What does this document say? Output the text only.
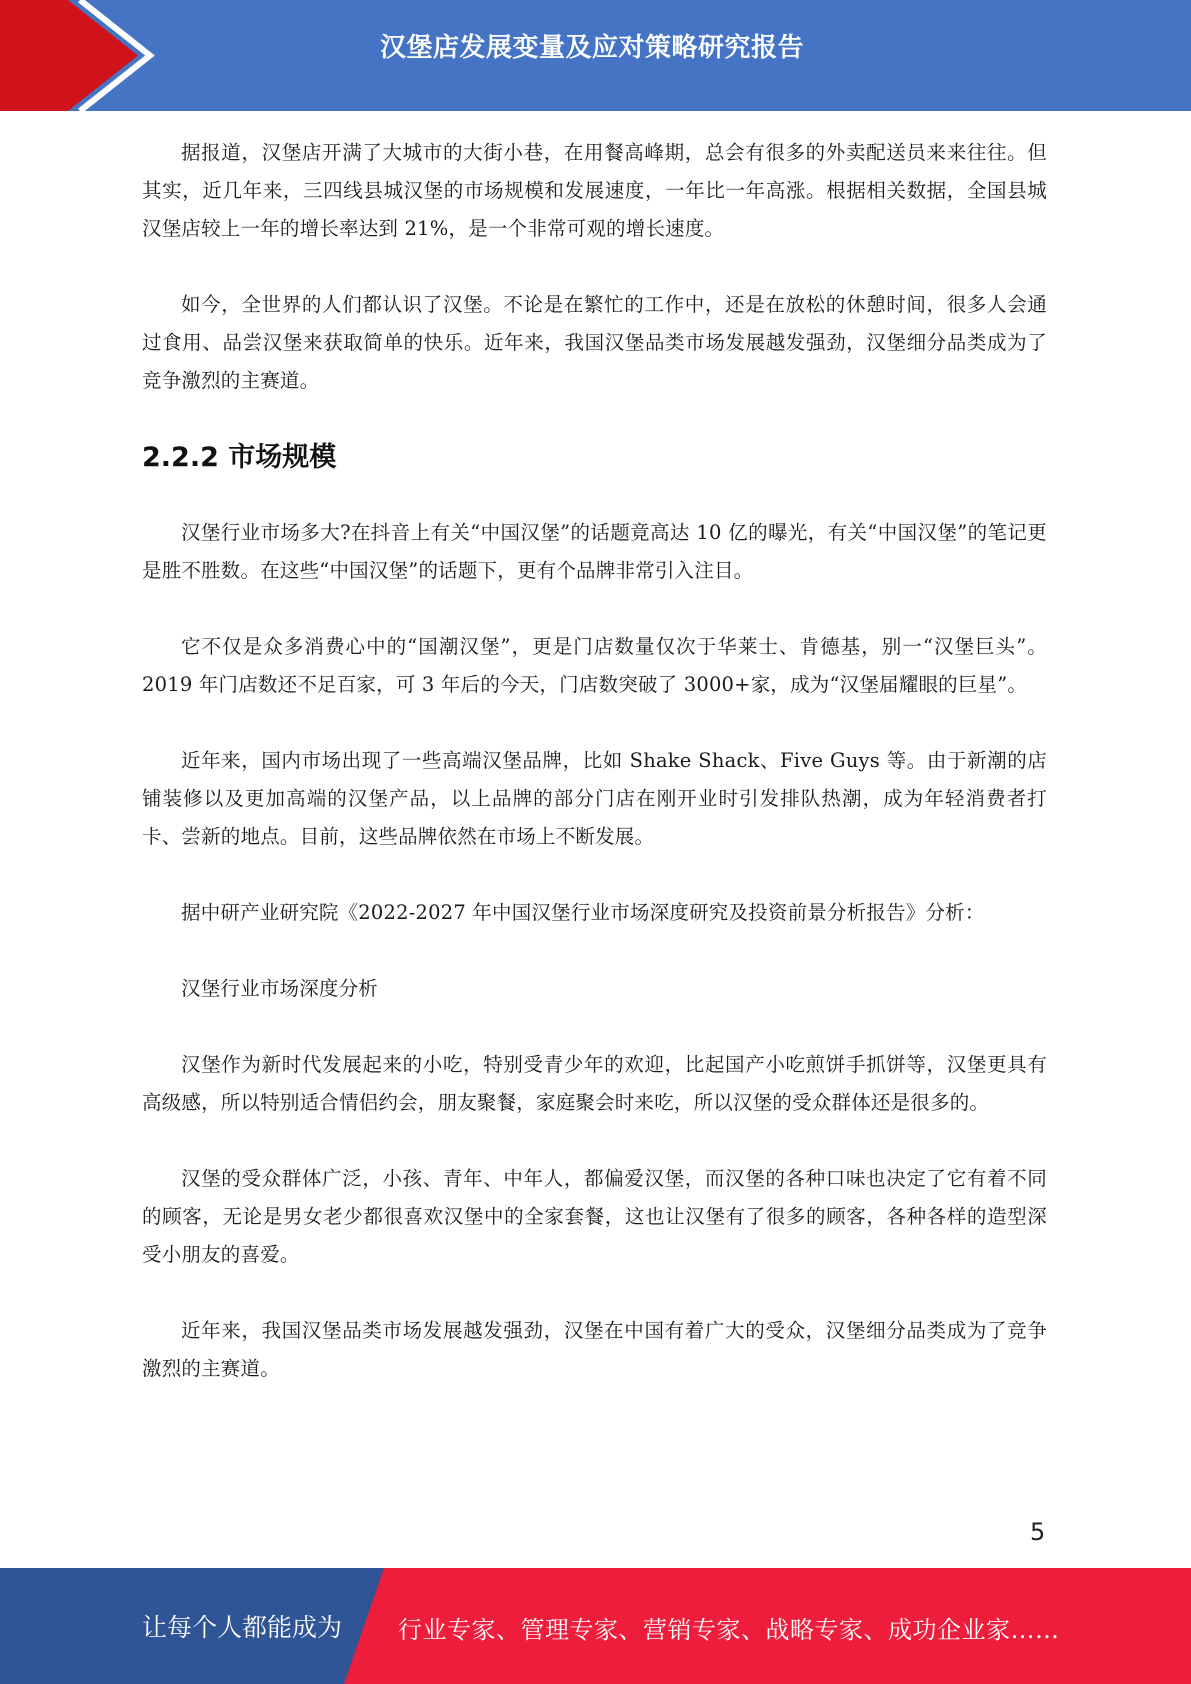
汉堡店发展变量及应对策略研究报告

据报道，汉堡店开满了大城市的大街小巷，在用餐高峰期，总会有很多的外卖配送员来来往往。但其实，近几年来，三四线县城汉堡的市场规模和发展速度，一年比一年高涨。根据相关数据，全国县城汉堡店较上一年的增长率达到 21%，是一个非常可观的增长速度。

如今，全世界的人们都认识了汉堡。不论是在繁忙的工作中，还是在放松的休憩时间，很多人会通过食用、品尝汉堡来获取简单的快乐。近年来，我国汉堡品类市场发展越发强劲，汉堡细分品类成为了竞争激烈的主赛道。

2.2.2 市场规模

汉堡行业市场多大?在抖音上有关“中国汉堡”的话题竟高达 10 亿的曝光，有关“中国汉堡”的笔记更是胜不胜数。在这些“中国汉堡”的话题下，更有个品牌非常引入注目。

它不仅是众多消费心中的“国潮汉堡”，更是门店数量仅次于华莱士、肯德基，别一“汉堡巨头”。2019 年门店数还不足百家，可 3 年后的今天，门店数突破了 3000+家，成为“汉堡届耀眼的巨星”。

近年来，国内市场出现了一些高端汉堡品牌，比如 Shake Shack、Five Guys 等。由于新潮的店铺装修以及更加高端的汉堡产品，以上品牌的部分门店在刚开业时引发排队热潮，成为年轻消费者打卡、尝新的地点。目前，这些品牌依然在市场上不断发展。

据中研产业研究院《2022-2027 年中国汉堡行业市场深度研究及投资前景分析报告》分析：

汉堡行业市场深度分析

汉堡作为新时代发展起来的小吃，特别受青少年的欢迎，比起国产小吃煎饼手抓饼等，汉堡更具有高级感，所以特别适合情侣约会，朋友聚餐，家庭聚会时来吃，所以汉堡的受众群体还是很多的。

汉堡的受众群体广泛，小孩、青年、中年人，都偏爱汉堡，而汉堡的各种口味也决定了它有着不同的顾客，无论是男女老少都很喜欢汉堡中的全家套餐，这也让汉堡有了很多的顾客，各种各样的造型深受小朋友的喜爱。

近年来，我国汉堡品类市场发展越发强劲，汉堡在中国有着广大的受众，汉堡细分品类成为了竞争激烈的主赛道。

5
让每个人都能成为 行业专家、管理专家、营销专家、战略专家、成功企业家……
